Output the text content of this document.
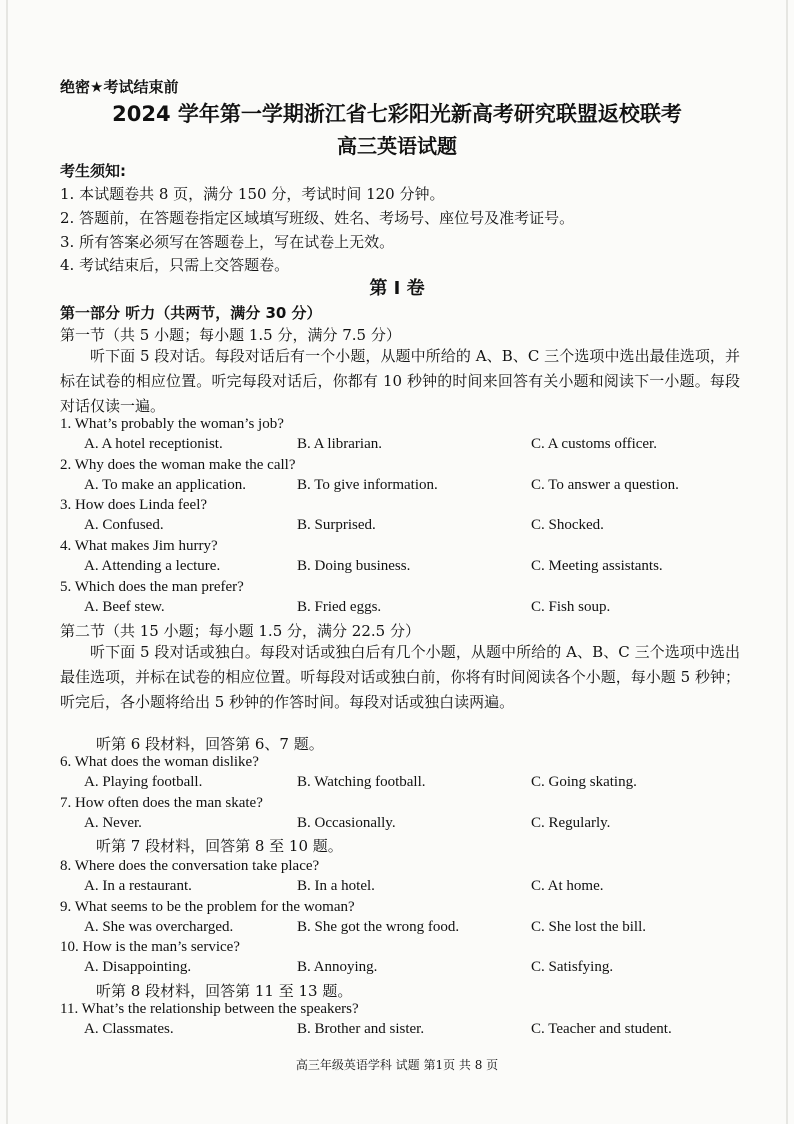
绝密★考试结束前
2024 学年第一学期浙江省七彩阳光新高考研究联盟返校联考
高三英语试题
考生须知:
1. 本试题卷共 8 页，满分 150 分，考试时间 120 分钟。
2. 答题前，在答题卷指定区域填写班级、姓名、考场号、座位号及准考证号。
3. 所有答案必须写在答题卷上，写在试卷上无效。
4. 考试结束后，只需上交答题卷。
第 I 卷
第一部分 听力（共两节，满分 30 分）
第一节（共 5 小题；每小题 1.5 分，满分 7.5 分）
听下面 5 段对话。每段对话后有一个小题，从题中所给的 A、B、C 三个选项中选出最佳选项，并标在试卷的相应位置。听完每段对话后，你都有 10 秒钟的时间来回答有关小题和阅读下一小题。每段对话仅读一遍。
1. What’s probably the woman’s job?
A. A hotel receptionist.	B. A librarian.	C. A customs officer.
2. Why does the woman make the call?
A. To make an application.	B. To give information.	C. To answer a question.
3. How does Linda feel?
A. Confused.	B. Surprised.	C. Shocked.
4. What makes Jim hurry?
A. Attending a lecture.	B. Doing business.	C. Meeting assistants.
5. Which does the man prefer?
A. Beef stew.	B. Fried eggs.	C. Fish soup.
第二节（共 15 小题；每小题 1.5 分，满分 22.5 分）
听下面 5 段对话或独白。每段对话或独白后有几个小题，从题中所给的 A、B、C 三个选项中选出最佳选项，并标在试卷的相应位置。听每段对话或独白前，你将有时间阅读各个小题，每小题 5 秒钟；听完后，各小题将给出 5 秒钟的作答时间。每段对话或独白读两遍。
听第 6 段材料，回答第 6、7 题。
6. What does the woman dislike?
A. Playing football.	B. Watching football.	C. Going skating.
7. How often does the man skate?
A. Never.	B. Occasionally.	C. Regularly.
听第 7 段材料，回答第 8 至 10 题。
8. Where does the conversation take place?
A. In a restaurant.	B. In a hotel.	C. At home.
9. What seems to be the problem for the woman?
A. She was overcharged.	B. She got the wrong food.	C. She lost the bill.
10. How is the man’s service?
A. Disappointing.	B. Annoying.	C. Satisfying.
听第 8 段材料，回答第 11 至 13 题。
11. What’s the relationship between the speakers?
A. Classmates.	B. Brother and sister.	C. Teacher and student.
高三年级英语学科 试题 第1页 共 8 页
